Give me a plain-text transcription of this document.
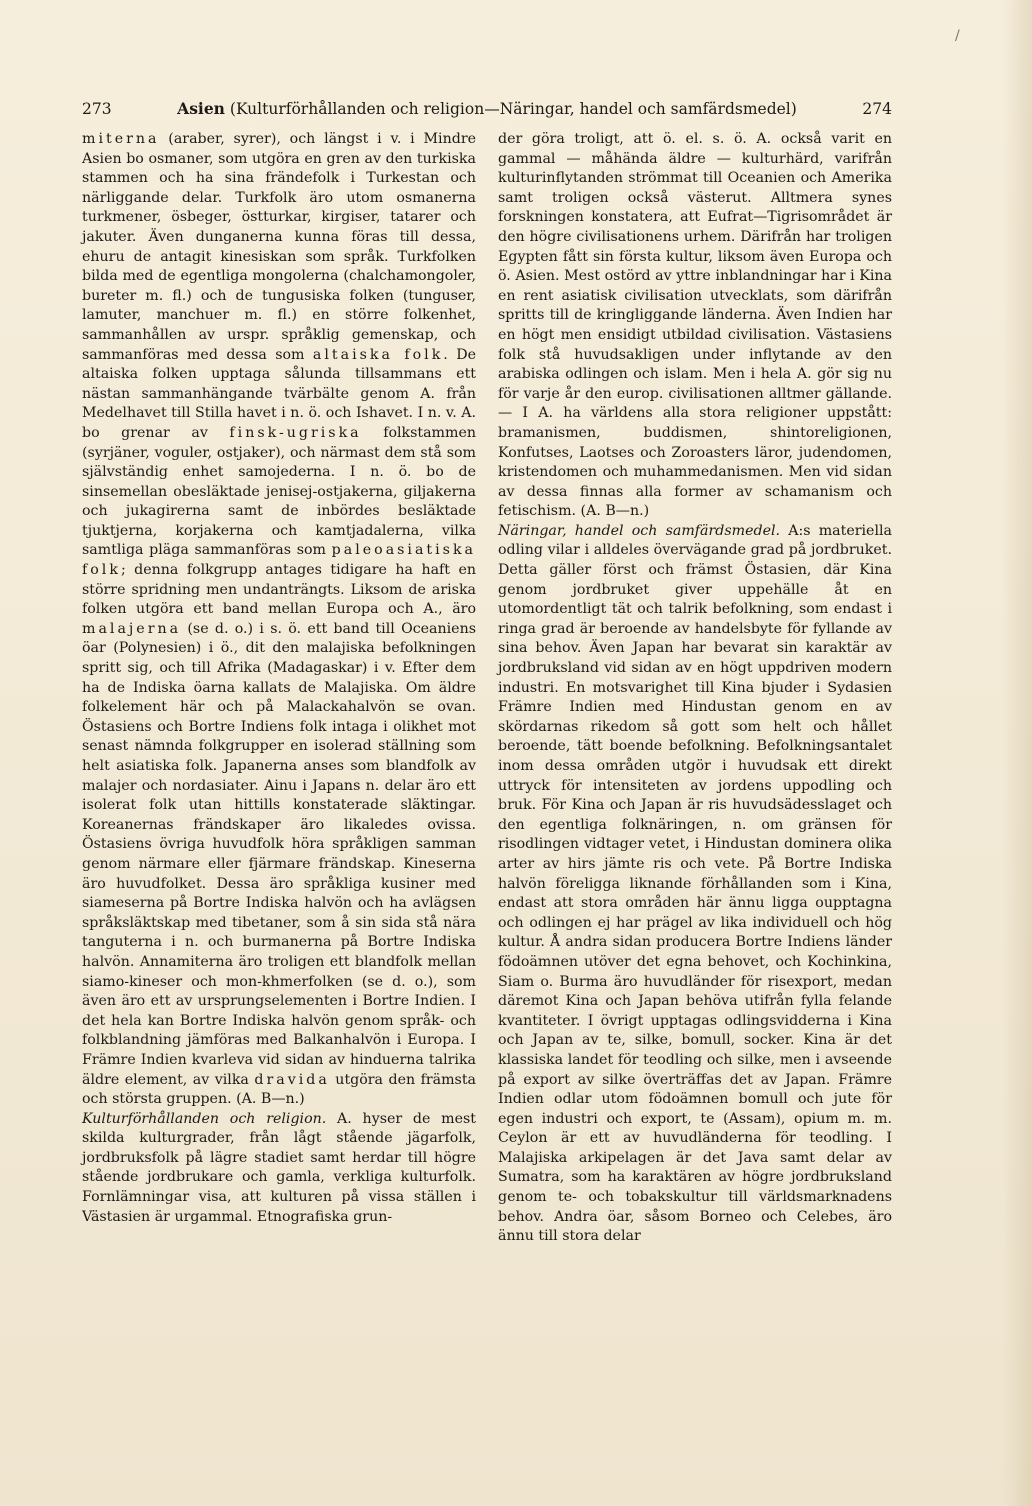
/
273	Asien (Kulturförhållanden och religion—Näringar, handel och samfärdsmedel)	274

miterna (araber, syrer), och längst i v. i Mindre Asien bo osmaner, som utgöra en gren av den turkiska stammen och ha sina frändefolk i Turkestan och närliggande delar. Turkfolk äro utom osmanerna turkmener, ösbeger, östturkar, kirgiser, tatarer och jakuter. Även dunganerna kunna föras till dessa, ehuru de antagit kinesiskan som språk. Turkfolken bilda med de egentliga mongolerna (chalchamongoler, bureter m. fl.) och de tungusiska folken (tunguser, lamuter, manchuer m. fl.) en större folkenhet, sammanhållen av urspr. språklig gemenskap, och sammanföras med dessa som altaiska folk. De altaiska folken upptaga sålunda tillsammans ett nästan sammanhängande tvärbälte genom A. från Medelhavet till Stilla havet i n. ö. och Ishavet. I n. v. A. bo grenar av finsk-ugriska folkstammen (syrjäner, voguler, ostjaker), och närmast dem stå som självständig enhet samojederna. I n. ö. bo de sinsemellan obesläktade jenisej-ostjakerna, giljakerna och jukagirerna samt de inbördes besläktade tjuktjerna, korjakerna och kamtjadalerna, vilka samtliga pläga sammanföras som paleoasiatiska folk; denna folkgrupp antages tidigare ha haft en större spridning men undanträngts. Liksom de ariska folken utgöra ett band mellan Europa och A., äro malajerna (se d. o.) i s. ö. ett band till Oceaniens öar (Polynesien) i ö., dit den malajiska befolkningen spritt sig, och till Afrika (Madagaskar) i v. Efter dem ha de Indiska öarna kallats de Malajiska. Om äldre folkelement här och på Malackahalvön se ovan. Östasiens och Bortre Indiens folk intaga i olikhet mot senast nämnda folkgrupper en isolerad ställning som helt asiatiska folk. Japanerna anses som blandfolk av malajer och nordasiater. Ainu i Japans n. delar äro ett isolerat folk utan hittills konstaterade släktingar. Koreanernas frändskaper äro likaledes ovissa. Östasiens övriga huvudfolk höra språkligen samman genom närmare eller fjärmare frändskap. Kineserna äro huvudfolket. Dessa äro språkliga kusiner med siameserna på Bortre Indiska halvön och ha avlägsen språksläktskap med tibetaner, som å sin sida stå nära tanguterna i n. och burmanerna på Bortre Indiska halvön. Annamiterna äro troligen ett blandfolk mellan siamo-kineser och mon-khmerfolken (se d. o.), som även äro ett av ursprungselementen i Bortre Indien. I det hela kan Bortre Indiska halvön genom språk- och folkblandning jämföras med Balkanhalvön i Europa. I Främre Indien kvarleva vid sidan av hinduerna talrika äldre element, av vilka dravida utgöra den främsta och största gruppen. (A. B—n.)

Kulturförhållanden och religion. A. hyser de mest skilda kulturgrader, från lågt stående jägarfolk, jordbruksfolk på lägre stadiet samt herdar till högre stående jordbrukare och gamla, verkliga kulturfolk. Fornlämningar visa, att kulturen på vissa ställen i Västasien är urgammal. Etnografiska grun-

der göra troligt, att ö. el. s. ö. A. också varit en gammal — måhända äldre — kulturhärd, varifrån kulturinflytanden strömmat till Oceanien och Amerika samt troligen också västerut. Alltmera synes forskningen konstatera, att Eufrat—Tigrisområdet är den högre civilisationens urhem. Därifrån har troligen Egypten fått sin första kultur, liksom även Europa och ö. Asien. Mest ostörd av yttre inblandningar har i Kina en rent asiatisk civilisation utvecklats, som därifrån spritts till de kringliggande länderna. Även Indien har en högt men ensidigt utbildad civilisation. Västasiens folk stå huvudsakligen under inflytande av den arabiska odlingen och islam. Men i hela A. gör sig nu för varje år den europ. civilisationen alltmer gällande. — I A. ha världens alla stora religioner uppstått: bramanismen, buddismen, shintoreligionen, Konfutses, Laotses och Zoroasters läror, judendomen, kristendomen och muhammedanismen. Men vid sidan av dessa finnas alla former av schamanism och fetischism. (A. B—n.)

Näringar, handel och samfärdsmedel. A:s materiella odling vilar i alldeles övervägande grad på jordbruket. Detta gäller först och främst Östasien, där Kina genom jordbruket giver uppehälle åt en utomordentligt tät och talrik befolkning, som endast i ringa grad är beroende av handelsbyte för fyllande av sina behov. Även Japan har bevarat sin karaktär av jordbruksland vid sidan av en högt uppdriven modern industri. En motsvarighet till Kina bjuder i Sydasien Främre Indien med Hindustan genom en av skördarnas rikedom så gott som helt och hållet beroende, tätt boende befolkning. Befolkningsantalet inom dessa områden utgör i huvudsak ett direkt uttryck för intensiteten av jordens uppodling och bruk. För Kina och Japan är ris huvudsädesslaget och den egentliga folknäringen, n. om gränsen för risodlingen vidtager vetet, i Hindustan dominera olika arter av hirs jämte ris och vete. På Bortre Indiska halvön föreligga liknande förhållanden som i Kina, endast att stora områden här ännu ligga oupptagna och odlingen ej har prägel av lika individuell och hög kultur. Å andra sidan producera Bortre Indiens länder födoämnen utöver det egna behovet, och Kochinkina, Siam o. Burma äro huvudländer för risexport, medan däremot Kina och Japan behöva utifrån fylla felande kvantiteter. I övrigt upptagas odlingsvidderna i Kina och Japan av te, silke, bomull, socker. Kina är det klassiska landet för teodling och silke, men i avseende på export av silke överträffas det av Japan. Främre Indien odlar utom födoämnen bomull och jute för egen industri och export, te (Assam), opium m. m. Ceylon är ett av huvudländerna för teodling. I Malajiska arkipelagen är det Java samt delar av Sumatra, som ha karaktären av högre jordbruksland genom te- och tobakskultur till världsmarknadens behov. Andra öar, såsom Borneo och Celebes, äro ännu till stora delar
